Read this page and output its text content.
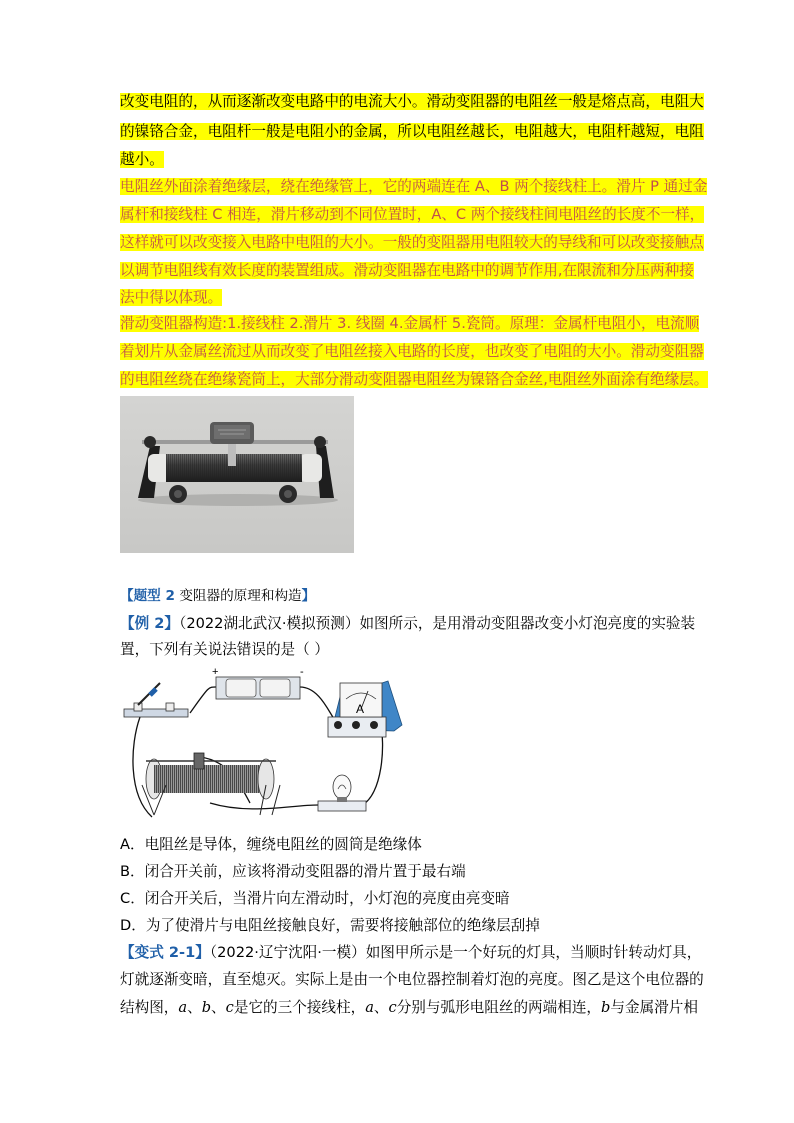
改变电阻的，从而逐渐改变电路中的电流大小。滑动变阻器的电阻丝一般是熔点高，电阻大
的镍铬合金，电阻杆一般是电阻小的金属，所以电阻丝越长，电阻越大，电阻杆越短，电阻
越小。
电阻丝外面涂着绝缘层，绕在绝缘管上，它的两端连在 A、B 两个接线柱上。滑片 P 通过金
属杆和接线柱 C 相连，滑片移动到不同位置时，A、C 两个接线柱间电阻丝的长度不一样，
这样就可以改变接入电路中电阻的大小。一般的变阻器用电阻较大的导线和可以改变接触点
以调节电阻线有效长度的装置组成。滑动变阻器在电路中的调节作用,在限流和分压两种接
法中得以体现。
滑动变阻器构造:1.接线柱 2.滑片 3. 线圈 4.金属杆 5.瓷筒。原理：金属杆电阻小，电流顺
着划片从金属丝流过从而改变了电阻丝接入电路的长度，也改变了电阻的大小。滑动变阻器
的电阻丝绕在绝缘瓷筒上，大部分滑动变阻器电阻丝为镍铬合金丝,电阻丝外面涂有绝缘层。
【题型 2 变阻器的原理和构造】
【例 2】（2022湖北武汉·模拟预测）如图所示，是用滑动变阻器改变小灯泡亮度的实验装
置，下列有关说法错误的是（ ）
+	-
A
A．电阻丝是导体，缠绕电阻丝的圆筒是绝缘体
B．闭合开关前，应该将滑动变阻器的滑片置于最右端
C．闭合开关后，当滑片向左滑动时，小灯泡的亮度由亮变暗
D．为了使滑片与电阻丝接触良好，需要将接触部位的绝缘层刮掉
【变式 2-1】（2022·辽宁沈阳·一模）如图甲所示是一个好玩的灯具，当顺时针转动灯具，
灯就逐渐变暗，直至熄灭。实际上是由一个电位器控制着灯泡的亮度。图乙是这个电位器的
结构图，a、b、c是它的三个接线柱，a、c分别与弧形电阻丝的两端相连，b与金属滑片相
